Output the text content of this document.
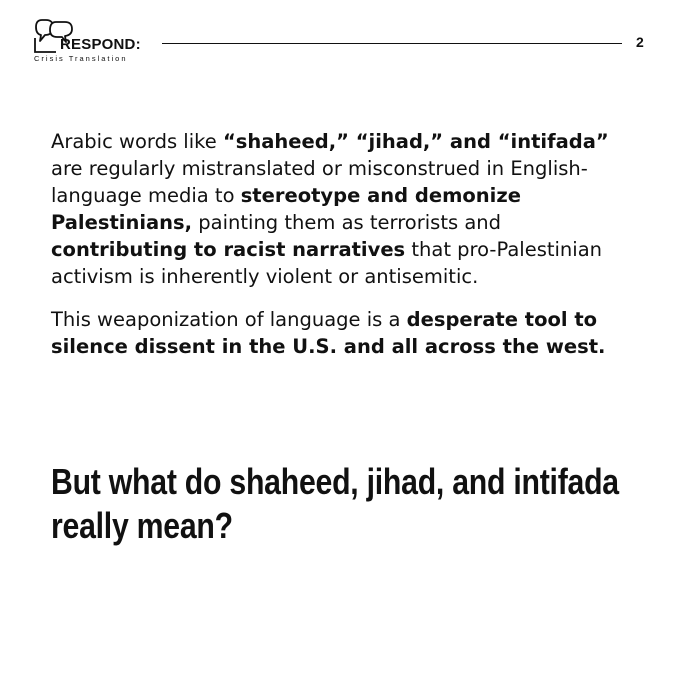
RESPOND:
Crisis Translation
2

Arabic words like “shaheed,” “jihad,” and “intifada” are regularly mistranslated or misconstrued in English-language media to stereotype and demonize Palestinians, painting them as terrorists and contributing to racist narratives that pro-Palestinian activism is inherently violent or antisemitic.

This weaponization of language is a desperate tool to silence dissent in the U.S. and all across the west.

But what do shaheed, jihad, and intifada really mean?
